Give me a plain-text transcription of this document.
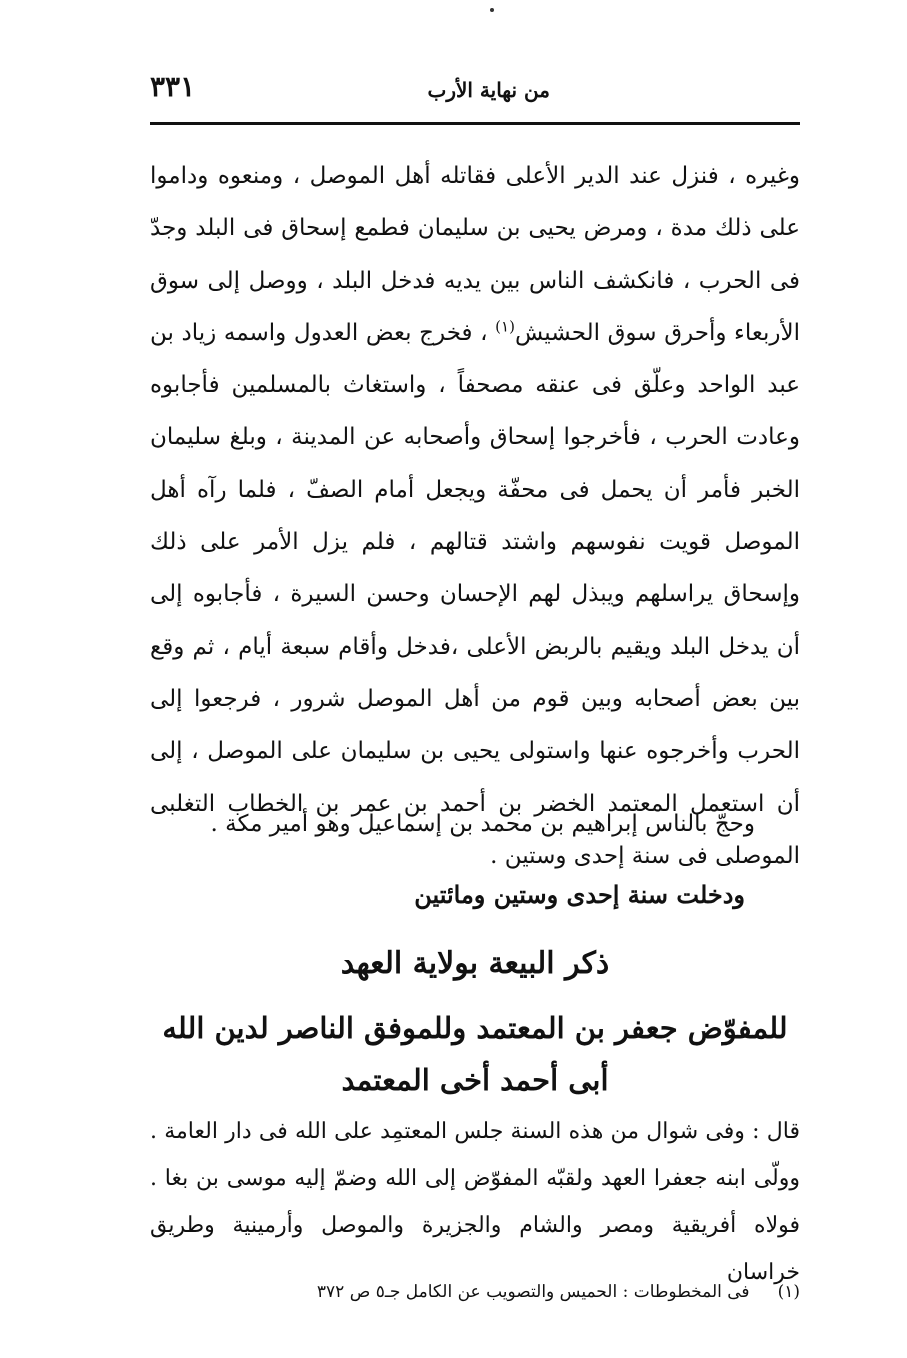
٣٣١	من نهاية الأرب

وغيره ، فنزل عند الدير الأعلى فقاتله أهل الموصل ، ومنعوه وداموا على ذلك مدة ، ومرض يحيى بن سليمان فطمع إسحاق فى البلد وجدّ فى الحرب ، فانكشف الناس بين يديه فدخل البلد ، ووصل إلى سوق الأربعاء وأحرق سوق الحشيش$^{(١)}$ ، فخرج بعض العدول واسمه زياد بن عبد الواحد وعلّق فى عنقه مصحفاً ، واستغاث بالمسلمين فأجابوه وعادت الحرب ، فأخرجوا إسحاق وأصحابه عن المدينة ، وبلغ سليمان الخبر فأمر أن يحمل فى محفّة ويجعل أمام الصفّ ، فلما رآه أهل الموصل قويت نفوسهم واشتد قتالهم ، فلم يزل الأمر على ذلك وإسحاق يراسلهم ويبذل لهم الإحسان وحسن السيرة ، فأجابوه إلى أن يدخل البلد ويقيم بالربض الأعلى ،فدخل وأقام سبعة أيام ، ثم وقع بين بعض أصحابه وبين قوم من أهل الموصل شرور ، فرجعوا إلى الحرب وأخرجوه عنها واستولى يحيى بن سليمان على الموصل ، إلى أن استعمل المعتمد الخضر بن أحمد بن عمر بن الخطاب التغلبى الموصلى فى سنة إحدى وستين .

وحجّ بالناس إبراهيم بن محمد بن إسماعيل وهو أمير مكة .

ودخلت سنة إحدى وستين ومائتين

ذكر البيعة بولاية العهد

للمفوّض جعفر بن المعتمد وللموفق الناصر لدين الله أبى أحمد أخى المعتمد

قال : وفى شوال من هذه السنة جلس المعتمِد على الله فى دار العامة . وولّى ابنه جعفرا العهد ولقبّه المفوّض إلى الله وضمّ إليه موسى بن بغا . فولاه أفريقية ومصر والشام والجزيرة والموصل وأرمينية وطريق خراسان

(١)فى المخطوطات : الحميس والتصويب عن الكامل جـ٥ ص ٣٧٢
